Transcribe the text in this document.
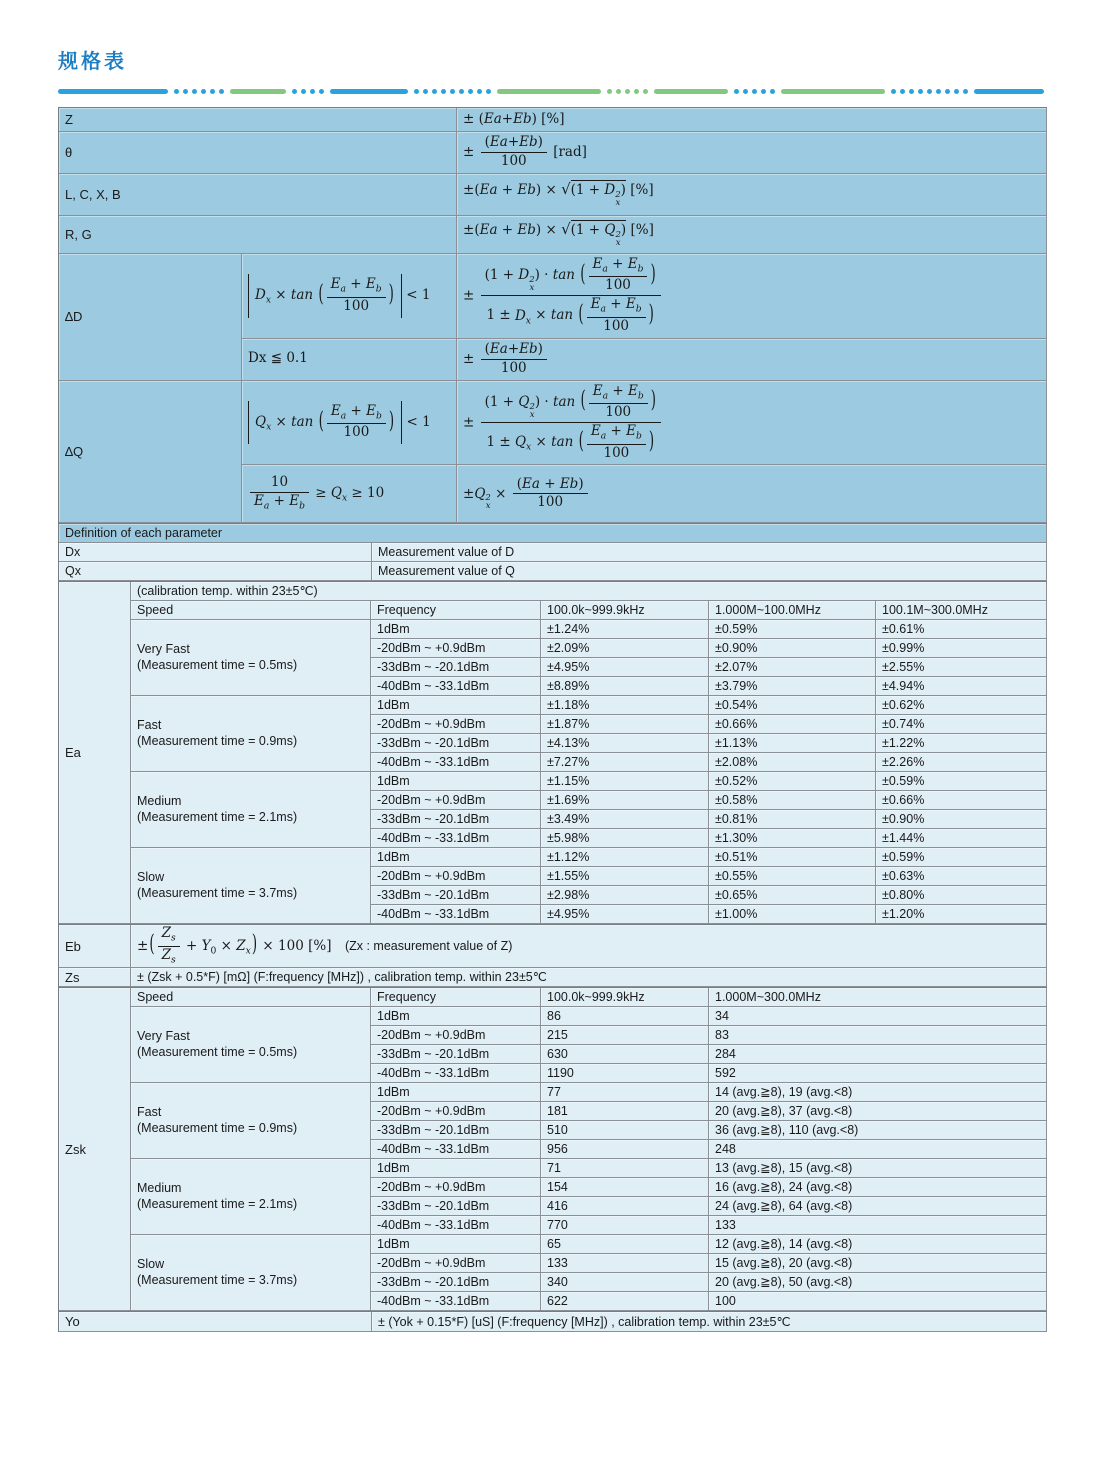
规格表
Z		± (Ea+Eb) [%]
θ		± $\frac{(Ea+Eb)}{100} [rad]$
L, C, X, B		±(Ea + Eb) × √(1 + D 2
x
) [%]
R, G		±(Ea + Eb) × √(1 + Q 2
x
) [%]
∆D	$D_x \times \tan$ ( $\frac{E_a + E_b}{100}$ ) < 1	± (1 + D 2
x
) · tan ( $\frac{E_a + E_b}{100}$ )
$1 \pm D_x \times \tan$ ( $\frac{E_a + E_b}{100}$ )

	Dx ≦ 0.1	± $\frac{(Ea+Eb)}{100}$

∆Q	$Q_x \times \tan$ ( $\frac{E_a + E_b}{100}$ ) < 1	± (1 + Q 2
x
) · tan ( $\frac{E_a + E_b}{100}$ )
$1 \pm Q_x \times \tan$ ( $\frac{E_a + E_b}{100}$ )

$\frac{10}{E_a + E_b} \ge Q_x \ge 10$	±Q 2
x
× $\frac{(Ea + Eb)}{100}$
Definition of each parameter	
Dx	Measurement value of D
Qx	Measurement value of Q
Ea	(calibration temp. within 23±5℃)				
	Speed	Frequency	100.0k~999.9kHz	1.000M~100.0MHz	100.1M~300.0MHz

	Very Fast
(Measurement time = 0.5ms)	1dBm	±1.24%	±0.59%	±0.61%
		-20dBm ~ +0.9dBm	±2.09%	±0.90%	±0.99%
		-33dBm ~ -20.1dBm	±4.95%	±2.07%	±2.55%
		-40dBm ~ -33.1dBm	±8.89%	±3.79%	±4.94%

	Fast
(Measurement time = 0.9ms)	1dBm	±1.18%	±0.54%	±0.62%
		-20dBm ~ +0.9dBm	±1.87%	±0.66%	±0.74%
		-33dBm ~ -20.1dBm	±4.13%	±1.13%	±1.22%
		-40dBm ~ -33.1dBm	±7.27%	±2.08%	±2.26%

	Medium
(Measurement time = 2.1ms)	1dBm	±1.15%	±0.52%	±0.59%
		-20dBm ~ +0.9dBm	±1.69%	±0.58%	±0.66%
		-33dBm ~ -20.1dBm	±3.49%	±0.81%	±0.90%
		-40dBm ~ -33.1dBm	±5.98%	±1.30%	±1.44%

	Slow
(Measurement time = 3.7ms)	1dBm	±1.12%	±0.51%	±0.59%
		-20dBm ~ +0.9dBm	±1.55%	±0.55%	±0.63%
		-33dBm ~ -20.1dBm	±2.98%	±0.65%	±0.80%
		-40dBm ~ -33.1dBm	±4.95%	±1.00%	±1.20%
Eb	±( $\frac{Z_s}{Z_s} + Y_0 \times Z_x) \times 100$ [%] (Zx : measurement value of Z)
Zs	± (Zsk + 0.5*F) [mΩ] (F:frequency [MHz]) , calibration temp. within 23±5℃
Zsk	Speed	Frequency	100.0k~999.9kHz	1.000M~300.0MHz

	Very Fast
(Measurement time = 0.5ms)	1dBm	86	34
		-20dBm ~ +0.9dBm	215	83
		-33dBm ~ -20.1dBm	630	284
		-40dBm ~ -33.1dBm	1190	592

	Fast
(Measurement time = 0.9ms)	1dBm	77	14 (avg.≧8), 19 (avg.<8)
		-20dBm ~ +0.9dBm	181	20 (avg.≧8), 37 (avg.<8)
		-33dBm ~ -20.1dBm	510	36 (avg.≧8), 110 (avg.<8)
		-40dBm ~ -33.1dBm	956	248

	Medium
(Measurement time = 2.1ms)	1dBm	71	13 (avg.≧8), 15 (avg.<8)
		-20dBm ~ +0.9dBm	154	16 (avg.≧8), 24 (avg.<8)
		-33dBm ~ -20.1dBm	416	24 (avg.≧8), 64 (avg.<8)
		-40dBm ~ -33.1dBm	770	133

	Slow
(Measurement time = 3.7ms)	1dBm	65	12 (avg.≧8), 14 (avg.<8)
		-20dBm ~ +0.9dBm	133	15 (avg.≧8), 20 (avg.<8)
		-33dBm ~ -20.1dBm	340	20 (avg.≧8), 50 (avg.<8)
		-40dBm ~ -33.1dBm	622	100
Yo	± (Yok + 0.15*F) [uS] (F:frequency [MHz]) , calibration temp. within 23±5℃
